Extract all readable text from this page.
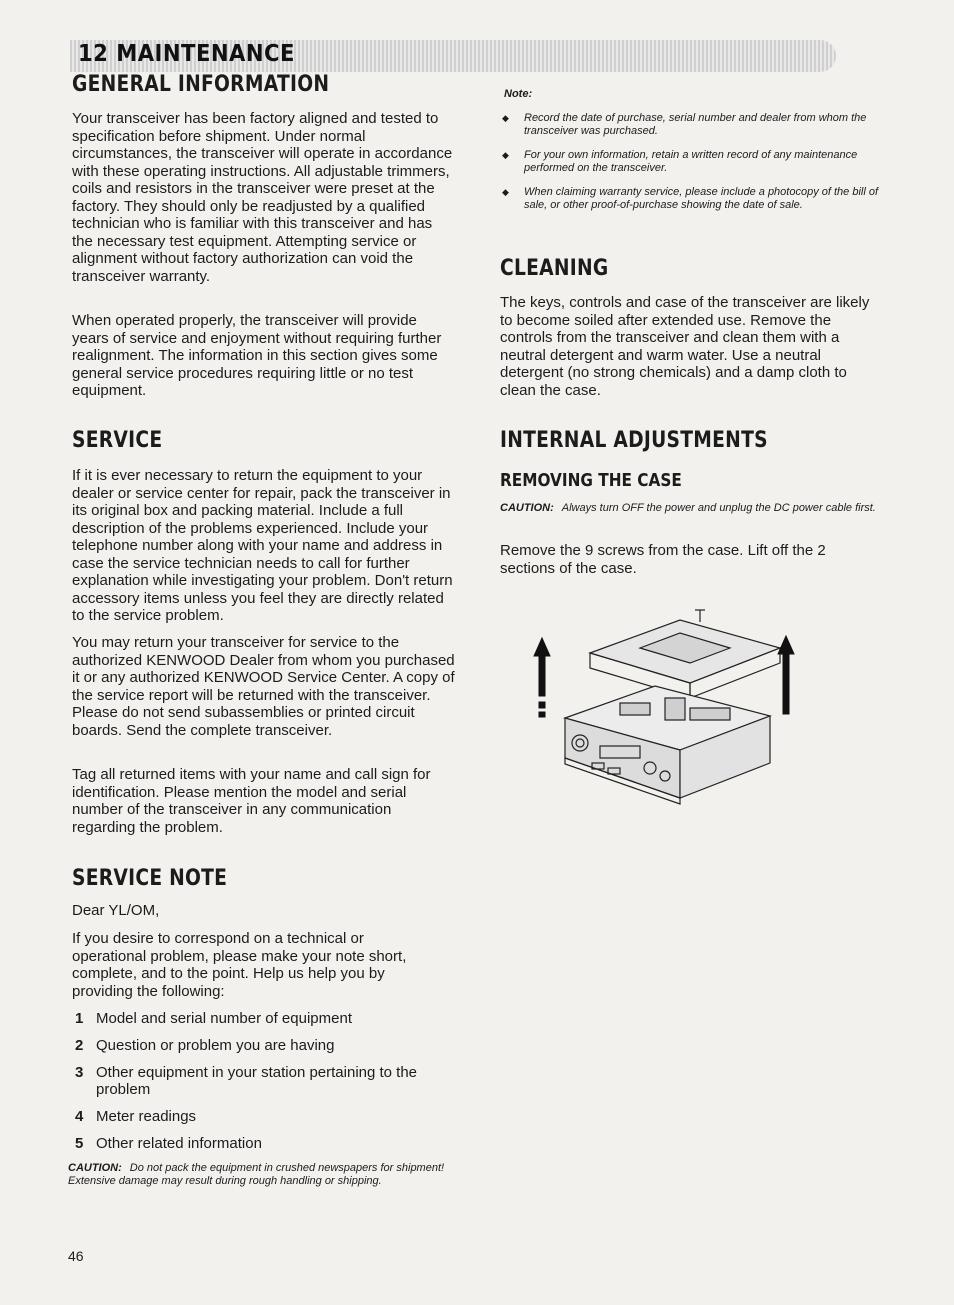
12 MAINTENANCE
GENERAL INFORMATION

Your transceiver has been factory aligned and tested to specification before shipment. Under normal circumstances, the transceiver will operate in accordance with these operating instructions. All adjustable trimmers, coils and resistors in the transceiver were preset at the factory. They should only be readjusted by a qualified technician who is familiar with this transceiver and has the necessary test equipment. Attempting service or alignment without factory authorization can void the transceiver warranty.

When operated properly, the transceiver will provide years of service and enjoyment without requiring further realignment. The information in this section gives some general service procedures requiring little or no test equipment.

SERVICE

If it is ever necessary to return the equipment to your dealer or service center for repair, pack the transceiver in its original box and packing material. Include a full description of the problems experienced. Include your telephone number along with your name and address in case the service technician needs to call for further explanation while investigating your problem. Don't return accessory items unless you feel they are directly related to the service problem.

You may return your transceiver for service to the authorized KENWOOD Dealer from whom you purchased it or any authorized KENWOOD Service Center. A copy of the service report will be returned with the transceiver. Please do not send subassemblies or printed circuit boards. Send the complete transceiver.

Tag all returned items with your name and call sign for identification. Please mention the model and serial number of the transceiver in any communication regarding the problem.

SERVICE NOTE

Dear YL/OM,

If you desire to correspond on a technical or operational problem, please make your note short, complete, and to the point. Help us help you by providing the following:

1 Model and serial number of equipment
2 Question or problem you are having
3 Other equipment in your station pertaining to the problem
4 Meter readings
5 Other related information
CAUTION: Do not pack the equipment in crushed newspapers for shipment! Extensive damage may result during rough handling or shipping.
Note:
◆ Record the date of purchase, serial number and dealer from whom the transceiver was purchased.
◆ For your own information, retain a written record of any maintenance performed on the transceiver.
◆ When claiming warranty service, please include a photocopy of the bill of sale, or other proof-of-purchase showing the date of sale.
CLEANING

The keys, controls and case of the transceiver are likely to become soiled after extended use. Remove the controls from the transceiver and clean them with a neutral detergent and warm water. Use a neutral detergent (no strong chemicals) and a damp cloth to clean the case.

INTERNAL ADJUSTMENTS
REMOVING THE CASE
CAUTION: Always turn OFF the power and unplug the DC power cable first.

Remove the 9 screws from the case. Lift off the 2 sections of the case.

46
